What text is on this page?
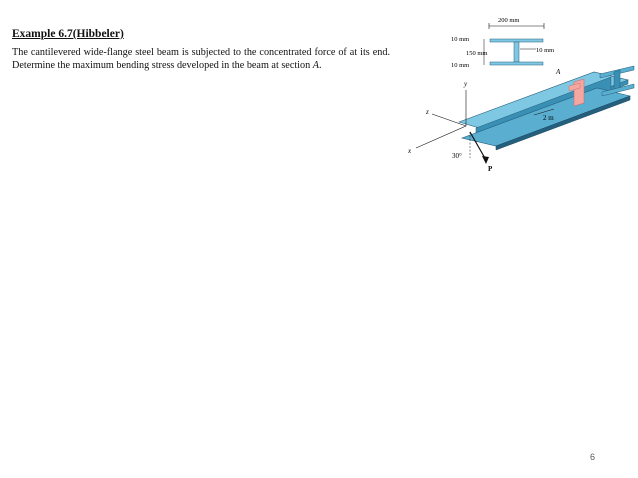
Example 6.7(Hibbeler)
The cantilevered wide-flange steel beam is subjected to the concentrated force of at its end. Determine the maximum bending stress developed in the beam at section A.
200 mm
10 mm
150 mm
10 mm
10 mm
A
2 m
y
z
x
30°
P
6
